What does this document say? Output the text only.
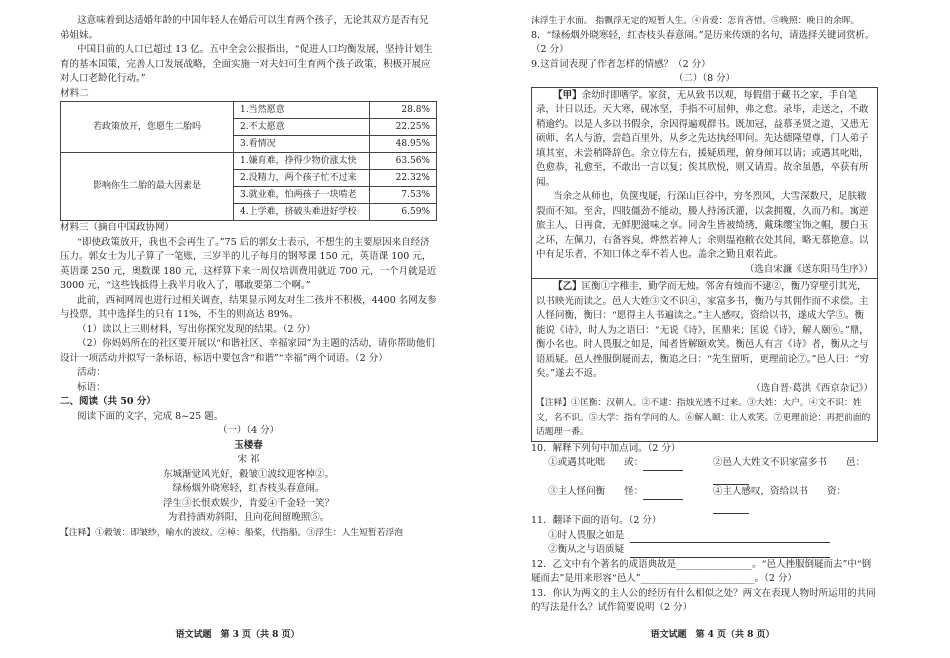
这意味着到达适婚年龄的中国年轻人在婚后可以生育两个孩子，无论其双方是否有兄弟姐妹。

中国目前的人口已超过 13 亿。五中全会公报指出，“促进人口均衡发展，坚持计划生育的基本国策，完善人口发展战略，全面实施一对夫妇可生育两个孩子政策，积极开展应对人口老龄化行动。”

材料二

若政策放开，您愿生二胎吗	1.当然愿意	28.8%
	2.不太愿意	22.25%
	3.看情况	48.95%
影响你生二胎的最大因素是	1.嫌育难，挣得少物价涨太快	63.56%
	2.没精力，两个孩子忙不过来	22.32%
	3.就业难，怕两孩子一块啃老	7.53%
	4.上学难，挤破头难进好学校	6.59%

材料三（摘自中国政协网）

“即使政策放开，我也不会再生了。”75 后的郭女士表示，不想生的主要原因来自经济压力。郭女士为儿子算了一笔账，三岁半的儿子每月的钢琴课 150 元，英语课 100 元，英语课 250 元，奥数课 180 元，这样算下来一周仅培训费用就近 700 元，一个月就是近 3000 元，“这些钱抵得上我半月收入了，哪敢要第二个啊。”

此前，西祠网周也进行过相关调查，结果显示网友对生二孩并不积极，4400 名网友参与投票，其中选择生的只有 11%，不生的则高达 89%。

（1）读以上三则材料，写出你探究发现的结果。（2 分）

（2）你妈妈所在的社区要开展以“和谐社区、幸福家园”为主题的活动，请你帮助他们设计一项活动并拟写一条标语，标语中要包含“和谐”“幸福”两个词语。（2 分）

活动：

标语：

二、阅读（共 50 分）

阅读下面的文字，完成 8~25 题。

（一）（4 分）

玉楼春

宋 祁

东城渐觉风光好，縠皱①波纹迎客棹②。

绿杨烟外晓寒轻，红杏枝头春意闹。

浮生③长恨欢娱少，肯爱④千金轻一笑？

为君持酒劝斜阳，且向花间留晚照⑤。

【注释】①縠皱：即皱纱，喻水的波纹。②棹：船桨，代指船。③浮生：人生短暂若浮泡

语文试题　第 3 页（共 8 页）

沫浮生于水面。 指飘浮无定的短暂人生。④肯爱：怎肯吝惜。⑤晚照：晚日的余晖。

8．“绿杨烟外晓寒轻，红杏枝头春意闹。”是历来传颂的名句，请选择关键词赏析。（2 分）

9.这首词表现了作者怎样的情感？（2 分）

（二）（8 分）

【甲】余幼时即嗜学。家贫，无从致书以观，每假借于藏书之家，手自笔录，计日以还。天大寒，砚冰坚，手指不可屈伸，弗之怠。录毕，走送之，不敢稍逾约。以是人多以书假余，余因得遍观群书。既加冠，益慕圣贤之道，又患无硕师、名人与游，尝趋百里外，从乡之先达执经叩问。先达德隆望尊，门人弟子填其室，未尝稍降辞色。余立侍左右，援疑质理，俯身倾耳以请；或遇其叱咄，色愈恭，礼愈至，不敢出一言以复；俟其欣悦，则又请焉。故余虽愚，卒获有所闻。

当余之从师也，负箧曳屣，行深山巨谷中，穷冬烈风，大雪深数尺，足肤皲裂而不知。至舍，四肢僵劲不能动，媵人持汤沃灌，以衾拥覆，久而乃和。寓逆旅主人，日再食，无鲜肥滋味之享。同舍生皆被绮绣，戴珠缨宝饰之帽，腰白玉之环，左佩刀，右备容臭，烨然若神人；余则缊袍敝衣处其间，略无慕艳意。以中有足乐者，不知口体之奉不若人也。盖余之勤且艰若此。

（选自宋濂《送东阳马生序》）

【乙】匡衡①字稚圭，勤学而无烛。邻舍有烛而不逮②，衡乃穿壁引其光，以书映光而读之。邑人大姓③文不识④，家富多书，衡乃与其佣作而不求偿。主人怪问衡，衡曰：“愿得主人书遍读之。”主人感叹，资给以书，遂成大学⑤。衡能说《诗》，时人为之语曰：“无说《诗》，匡鼎来；匡说《诗》，解人颐⑥。”鼎，衡小名也。时人畏服之如是，闻者皆解颐欢笑。衡邑人有言《诗》者，衡从之与语质疑。邑人挫服倒屣而去，衡追之曰：“先生留听，更理前论⑦。”邑人曰：“穷矣。”遂去不返。

（选自晋·葛洪《西京杂记》）

【注释】①匡衡：汉朝人。②不逮：指烛光透不过来。③大姓：大户。④文不识：姓文，名不识。⑤大学：指有学问的人。⑥解人颐：让人欢笑。⑦更理前论：再把前面的话题理一番。

10．解释下列句中加点词。（2 分）

①或遇其叱咄　　或：	②邑人大姓文不识家富多书　　邑：
③主人怪问衡　　怪：	④主人感叹，资给以书　　资：

11．翻译下面的语句。（2 分）

①时人畏服之如是

②衡从之与语质疑

12．乙文中有个著名的成语典故是________________。“邑人挫服倒屣而去”中“倒屣而去”是用来形容“邑人”________________________。（2 分）

13．你认为两文的主人公的经历有什么相似之处？两文在表现人物时所运用的共同的写法是什么？试作简要说明（2 分）

语文试题　第 4 页（共 8 页）
